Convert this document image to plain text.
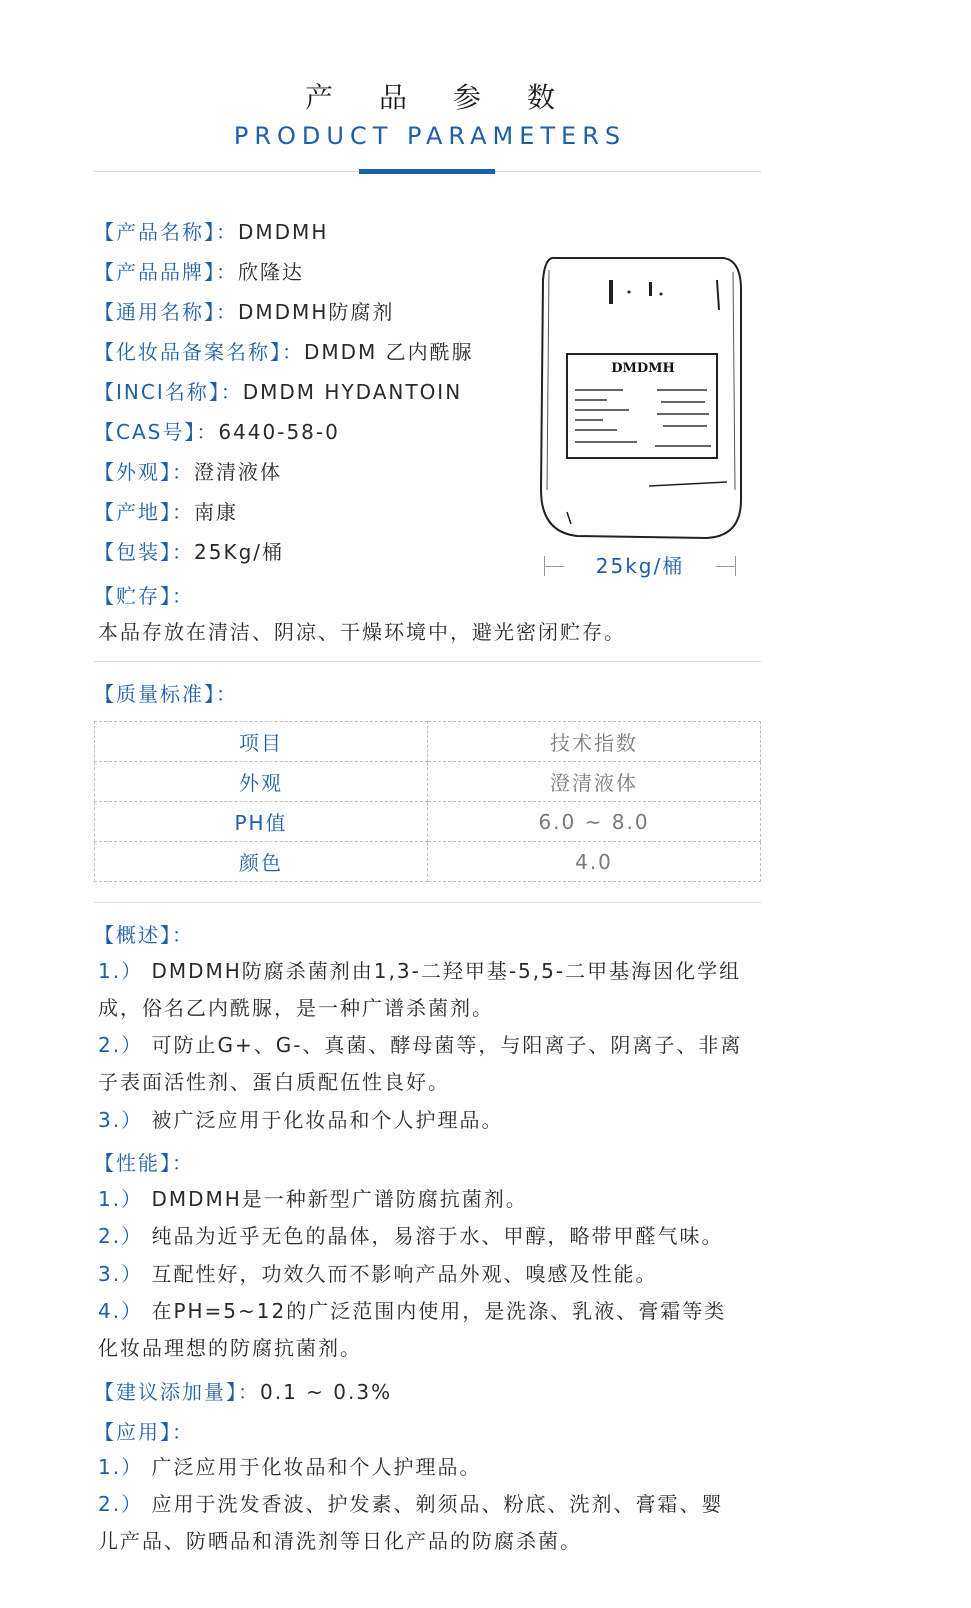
产品参数
PRODUCT PARAMETERS
【产品名称】：DMDMH
【产品品牌】：欣隆达
【通用名称】：DMDMH防腐剂
【化妆品备案名称】：DMDM 乙内酰脲
【INCI名称】：DMDM HYDANTOIN
【CAS号】：6440-58-0
【外观】：澄清液体
【产地】：南康
【包装】：25Kg/桶
DMDMH
25kg/桶
【贮存】：
本品存放在清洁、阴凉、干燥环境中，避光密闭贮存。
【质量标准】：
项目	技术指数
外观	澄清液体
PH值	6.0 ~ 8.0
颜色	4.0
【概述】：
1.） DMDMH防腐杀菌剂由1,3-二羟甲基-5,5-二甲基海因化学组
成，俗名乙内酰脲，是一种广谱杀菌剂。
2.） 可防止G+、G-、真菌、酵母菌等，与阳离子、阴离子、非离
子表面活性剂、蛋白质配伍性良好。
3.） 被广泛应用于化妆品和个人护理品。
【性能】：
1.） DMDMH是一种新型广谱防腐抗菌剂。
2.） 纯品为近乎无色的晶体，易溶于水、甲醇，略带甲醛气味。
3.） 互配性好，功效久而不影响产品外观、嗅感及性能。
4.） 在PH=5~12的广泛范围内使用，是洗涤、乳液、膏霜等类
化妆品理想的防腐抗菌剂。
【建议添加量】：0.1 ~ 0.3%
【应用】：
1.） 广泛应用于化妆品和个人护理品。
2.） 应用于洗发香波、护发素、剃须品、粉底、洗剂、膏霜、婴
儿产品、防晒品和清洗剂等日化产品的防腐杀菌。
